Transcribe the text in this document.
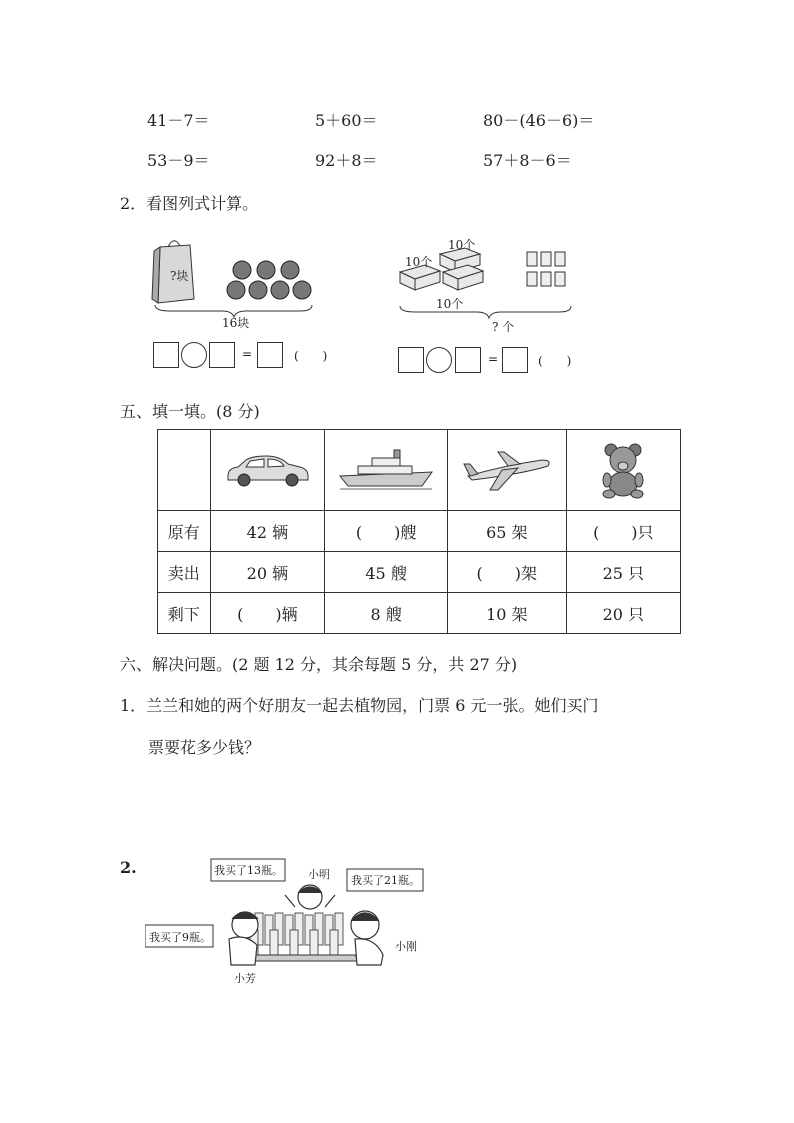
41－7＝	5＋60＝	80－(46－6)＝
53－9＝	92＋8＝	57＋8－6＝
2．看图列式计算。
?块
16块
=	(　　)
10个
10个
10个
? 个
=	(　　)
五、填一填。(8 分)

原有	42 辆	(　　)艘	65 架	(　　)只
卖出	20 辆	45 艘	(　　)架	25 只
剩下	(　　)辆	8 艘	10 架	20 只
六、解决问题。(2 题 12 分，其余每题 5 分，共 27 分)
1．兰兰和她的两个好朋友一起去植物园，门票 6 元一张。她们买门
票要花多少钱？
2.	我买了13瓶。
我买了21瓶。
我买了9瓶。
小明
小刚
小芳
